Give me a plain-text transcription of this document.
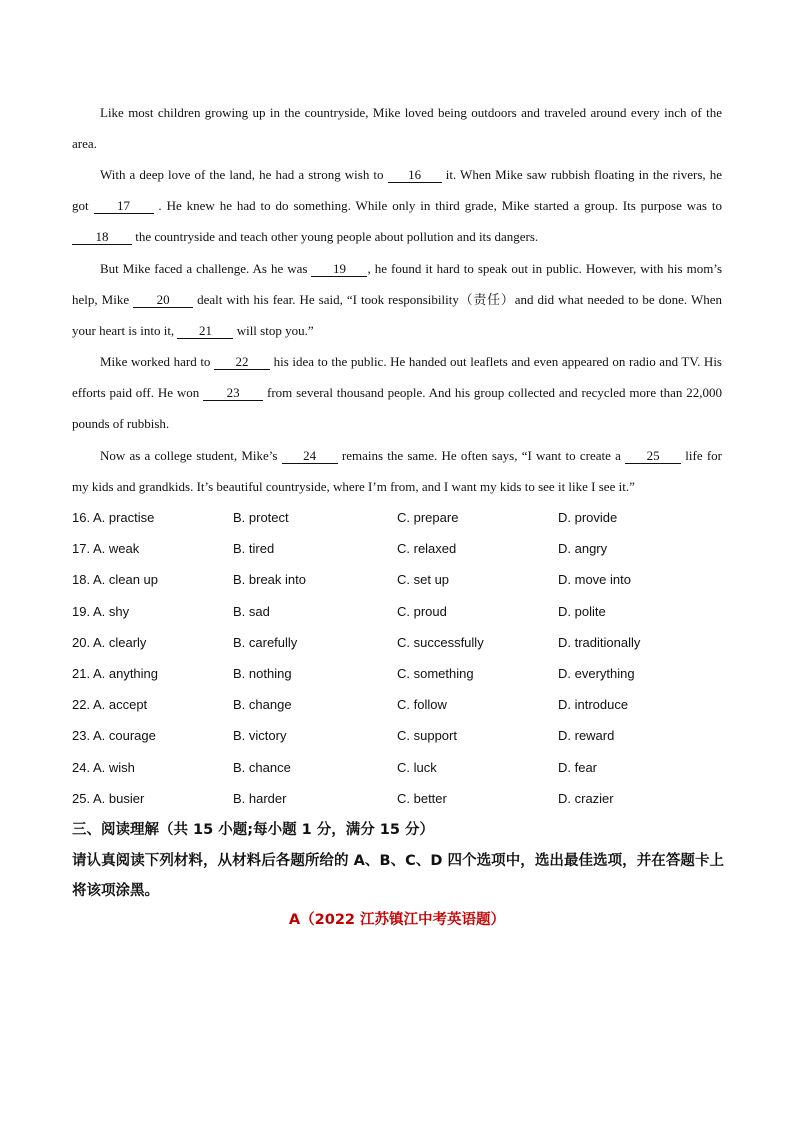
Like most children growing up in the countryside, Mike loved being outdoors and traveled around every inch of the area.

With a deep love of the land, he had a strong wish to 16 it. When Mike saw rubbish floating in the rivers, he got 17 . He knew he had to do something. While only in third grade, Mike started a group. Its purpose was to 18 the countryside and teach other young people about pollution and its dangers.

But Mike faced a challenge. As he was 19 , he found it hard to speak out in public. However, with his mom’s help, Mike 20 dealt with his fear. He said, “I took responsibility（责任）and did what needed to be done. When your heart is into it, 21 will stop you.”

Mike worked hard to 22 his idea to the public. He handed out leaflets and even appeared on radio and TV. His efforts paid off. He won 23 from several thousand people. And his group collected and recycled more than 22,000 pounds of rubbish.

Now as a college student, Mike’s 24 remains the same. He often says, “I want to create a 25 life for my kids and grandkids. It’s beautiful countryside, where I’m from, and I want my kids to see it like I see it.”

16. A. practise	B. protect	C. prepare	D. provide
17. A. weak	B. tired	C. relaxed	D. angry
18. A. clean up	B. break into	C. set up	D. move into
19. A. shy	B. sad	C. proud	D. polite
20. A. clearly	B. carefully	C. successfully	D. traditionally
21. A. anything	B. nothing	C. something	D. everything
22. A. accept	B. change	C. follow	D. introduce
23. A. courage	B. victory	C. support	D. reward
24. A. wish	B. chance	C. luck	D. fear
25. A. busier	B. harder	C. better	D. crazier

三、阅读理解（共 15 小题;每小题 1 分，满分 15 分）

请认真阅读下列材料，从材料后各题所给的 A、B、C、D 四个选项中，选出最佳选项，并在答题卡上将该项涂黑。

A（2022 江苏镇江中考英语题）
